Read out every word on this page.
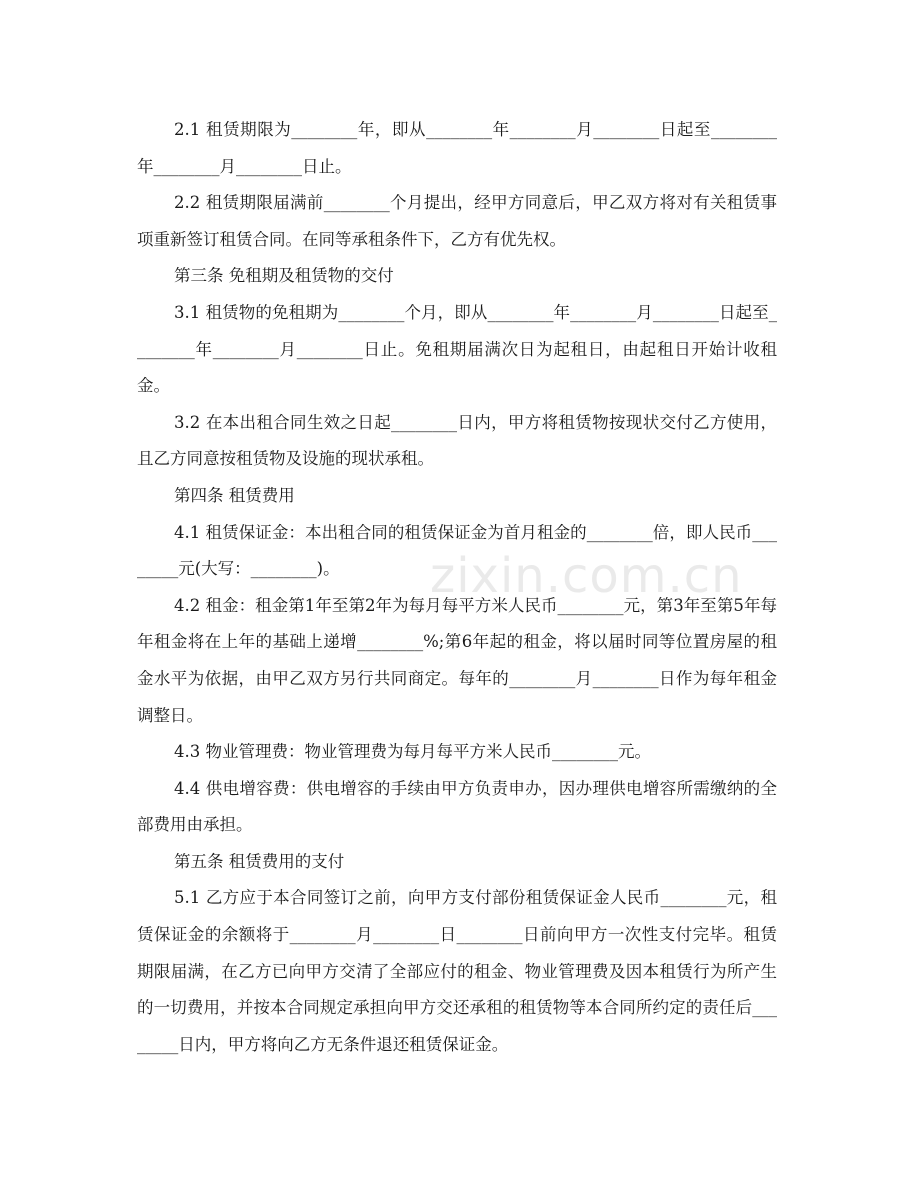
2.1 租赁期限为________年，即从________年________月________日起至________年________月________日止。

2.2 租赁期限届满前________个月提出，经甲方同意后，甲乙双方将对有关租赁事项重新签订租赁合同。在同等承租条件下，乙方有优先权。

第三条 免租期及租赁物的交付

3.1 租赁物的免租期为________个月，即从________年________月________日起至________年________月________日止。免租期届满次日为起租日，由起租日开始计收租金。

3.2 在本出租合同生效之日起________日内，甲方将租赁物按现状交付乙方使用，且乙方同意按租赁物及设施的现状承租。

第四条 租赁费用

4.1 租赁保证金：本出租合同的租赁保证金为首月租金的________倍，即人民币________元(大写：________)。

4.2 租金：租金第1年至第2年为每月每平方米人民币________元，第3年至第5年每年租金将在上年的基础上递增________%;第6年起的租金，将以届时同等位置房屋的租金水平为依据，由甲乙双方另行共同商定。每年的________月________日作为每年租金调整日。

4.3 物业管理费：物业管理费为每月每平方米人民币________元。

4.4 供电增容费：供电增容的手续由甲方负责申办，因办理供电增容所需缴纳的全部费用由承担。

第五条 租赁费用的支付

5.1 乙方应于本合同签订之前，向甲方支付部份租赁保证金人民币________元，租赁保证金的余额将于________月________日________日前向甲方一次性支付完毕。租赁期限届满，在乙方已向甲方交清了全部应付的租金、物业管理费及因本租赁行为所产生的一切费用，并按本合同规定承担向甲方交还承租的租赁物等本合同所约定的责任后________日内，甲方将向乙方无条件退还租赁保证金。

zixin.com.cn
